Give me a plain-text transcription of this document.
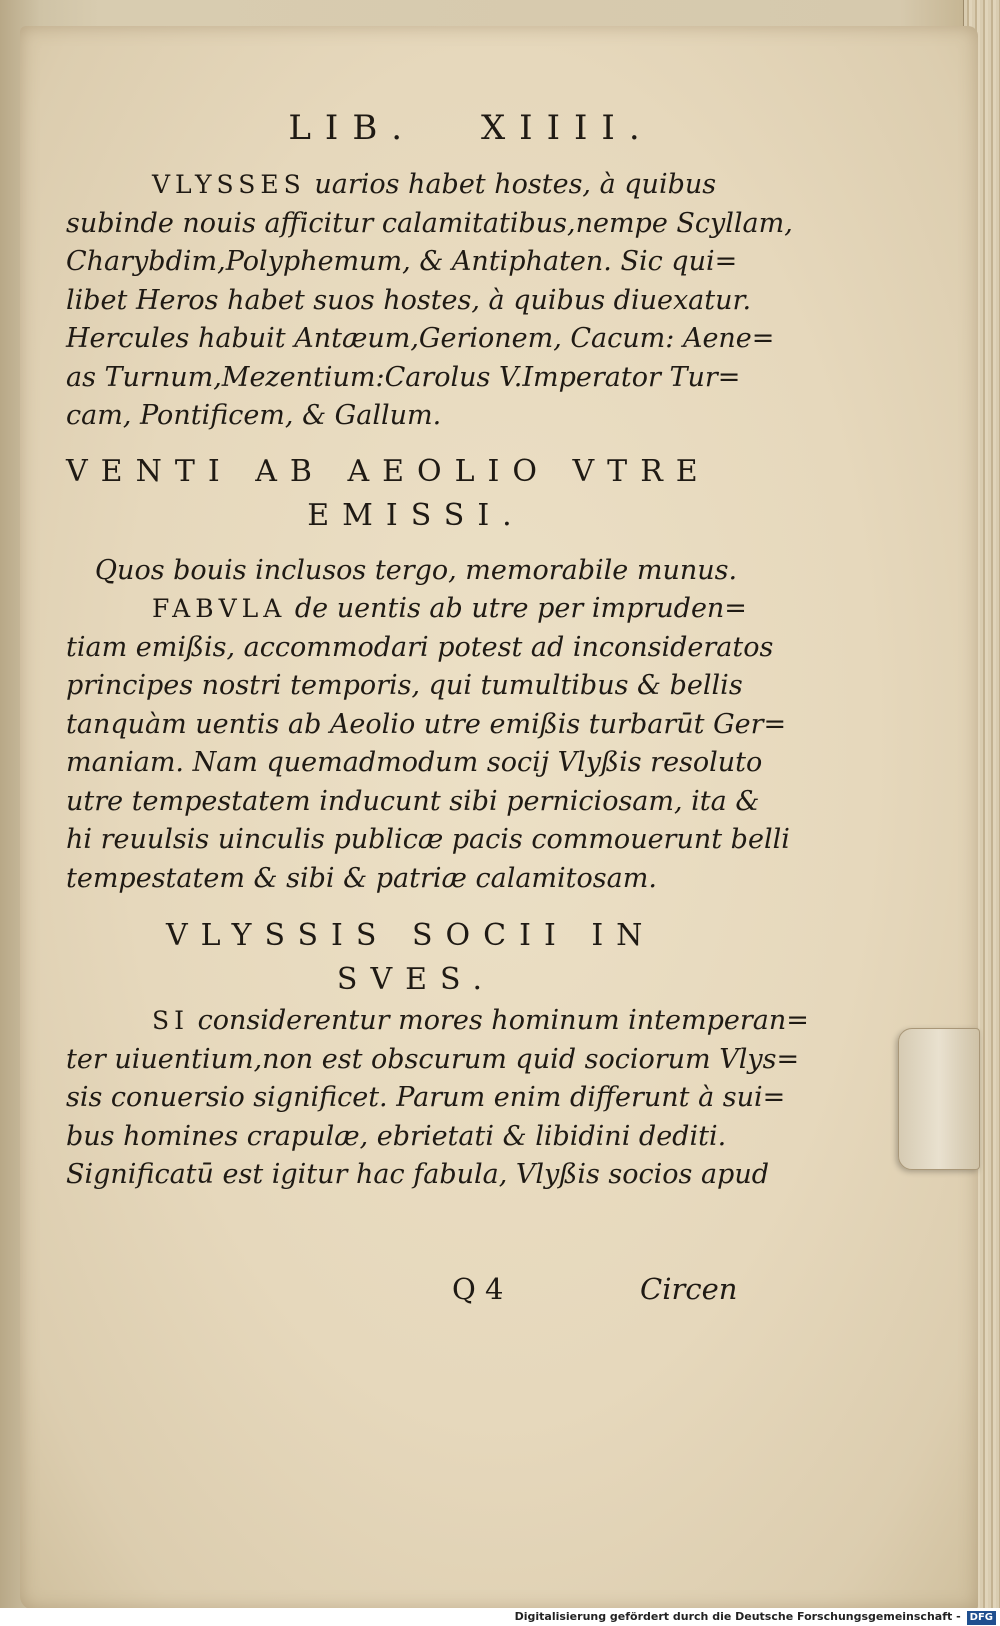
LIB. XIIII.
VLYSSES uarios habet hostes, à quibus
subinde nouis afficitur calamitatibus,nempe Scyllam,
Charybdim,Polyphemum, & Antiphaten. Sic qui=
libet Heros habet suos hostes, à quibus diuexatur.
Hercules habuit Antæum,Gerionem, Cacum: Aene=
as Turnum,Mezentium:Carolus V.Imperator Tur=
cam, Pontificem, & Gallum.
VENTI AB AEOLIO VTRE
EMISSI.
Quos bouis inclusos tergo, memorabile munus.
FABVLA de uentis ab utre per impruden=
tiam emißis, accommodari potest ad inconsideratos
principes nostri temporis, qui tumultibus & bellis
tanquàm uentis ab Aeolio utre emißis turbarūt Ger=
maniam. Nam quemadmodum socij Vlyßis resoluto
utre tempestatem inducunt sibi perniciosam, ita &
hi reuulsis uinculis publicæ pacis commouerunt belli
tempestatem & sibi & patriæ calamitosam.
VLYSSIS SOCII IN
SVES.
SI considerentur mores hominum intemperan=
ter uiuentium,non est obscurum quid sociorum Vlys=
sis conuersio significet. Parum enim differunt à sui=
bus homines crapulæ, ebrietati & libidini dediti.
Significatū est igitur hac fabula, Vlyßis socios apud
Q 4	Circen
Digitalisierung gefördert durch die Deutsche Forschungsgemeinschaft - DFG
